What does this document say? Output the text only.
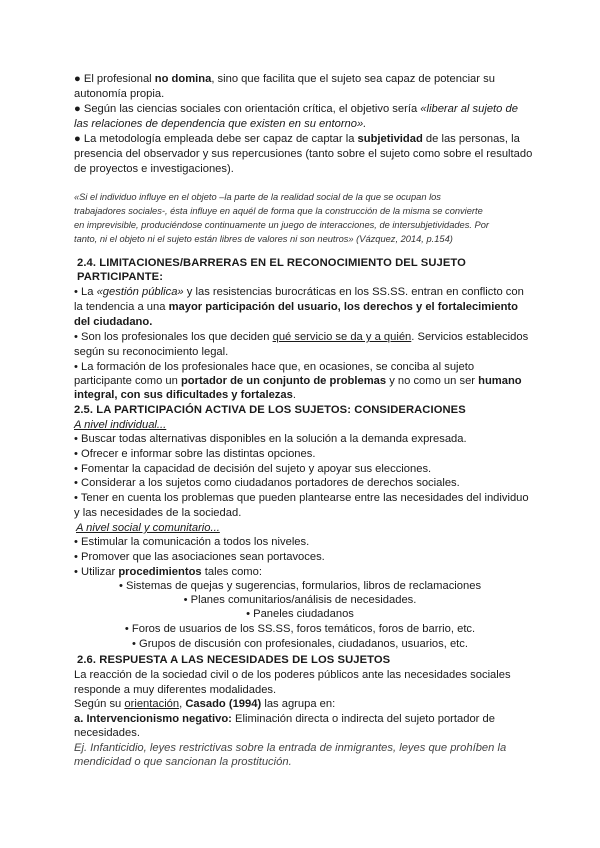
● El profesional no domina, sino que facilita que el sujeto sea capaz de potenciar su
autonomía propia.
● Según las ciencias sociales con orientación crítica, el objetivo sería «liberar al sujeto de
las relaciones de dependencia que existen en su entorno».
● La metodología empleada debe ser capaz de captar la subjetividad de las personas, la
presencia del observador y sus repercusiones (tanto sobre el sujeto como sobre el resultado
de proyectos e investigaciones).
«Si el individuo influye en el objeto –la parte de la realidad social de la que se ocupan los
trabajadores sociales-, ésta influye en aquél de forma que la construcción de la misma se convierte
en imprevisible, produciéndose continuamente un juego de interacciones, de intersubjetividades. Por
tanto, ni el objeto ni el sujeto están libres de valores ni son neutros» (Vázquez, 2014, p.154)
2.4. LIMITACIONES/BARRERAS EN EL RECONOCIMIENTO DEL SUJETO
PARTICIPANTE:
• La «gestión pública» y las resistencias burocráticas en los SS.SS. entran en conflicto con
la tendencia a una mayor participación del usuario, los derechos y el fortalecimiento
del ciudadano.
• Son los profesionales los que deciden qué servicio se da y a quién. Servicios establecidos
según su reconocimiento legal.
• La formación de los profesionales hace que, en ocasiones, se conciba al sujeto
participante como un portador de un conjunto de problemas y no como un ser humano
integral, con sus dificultades y fortalezas.
2.5. LA PARTICIPACIÓN ACTIVA DE LOS SUJETOS: CONSIDERACIONES
A nivel individual...
• Buscar todas alternativas disponibles en la solución a la demanda expresada.
• Ofrecer e informar sobre las distintas opciones.
• Fomentar la capacidad de decisión del sujeto y apoyar sus elecciones.
• Considerar a los sujetos como ciudadanos portadores de derechos sociales.
• Tener en cuenta los problemas que pueden plantearse entre las necesidades del individuo
y las necesidades de la sociedad.
A nivel social y comunitario...
• Estimular la comunicación a todos los niveles.
• Promover que las asociaciones sean portavoces.
• Utilizar procedimientos tales como:
• Sistemas de quejas y sugerencias, formularios, libros de reclamaciones
• Planes comunitarios/análisis de necesidades.
• Paneles ciudadanos
• Foros de usuarios de los SS.SS, foros temáticos, foros de barrio, etc.
• Grupos de discusión con profesionales, ciudadanos, usuarios, etc.
2.6. RESPUESTA A LAS NECESIDADES DE LOS SUJETOS
La reacción de la sociedad civil o de los poderes públicos ante las necesidades sociales
responde a muy diferentes modalidades.
Según su orientación, Casado (1994) las agrupa en:
a. Intervencionismo negativo: Eliminación directa o indirecta del sujeto portador de
necesidades.
Ej. Infanticidio, leyes restrictivas sobre la entrada de inmigrantes, leyes que prohíben la
mendicidad o que sancionan la prostitución.
